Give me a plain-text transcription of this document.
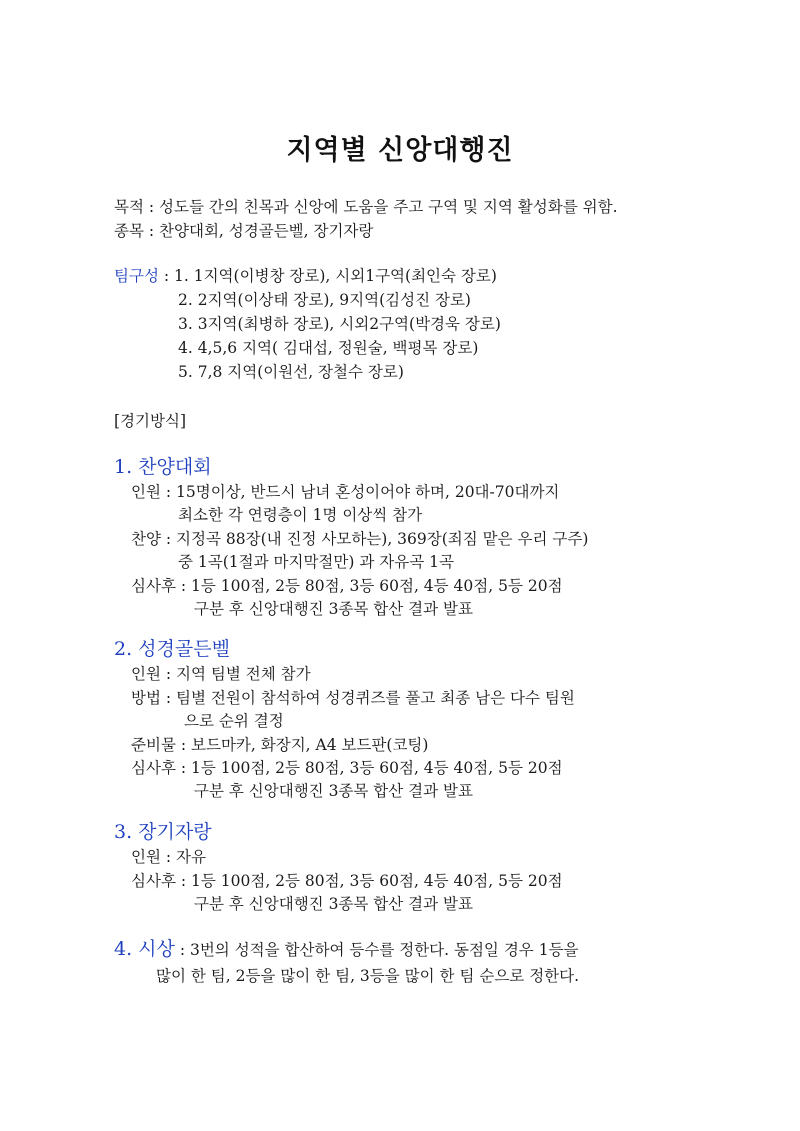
지역별 신앙대행진
목적 : 성도들 간의 친목과 신앙에 도움을 주고 구역 및 지역 활성화를 위함.
종목 : 찬양대회, 성경골든벨, 장기자랑
팀구성 : 1. 1지역(이병창 장로), 시외1구역(최인숙 장로)
2. 2지역(이상태 장로), 9지역(김성진 장로)
3. 3지역(최병하 장로), 시외2구역(박경욱 장로)
4. 4,5,6 지역( 김대섭, 정원술, 백평목 장로)
5. 7,8 지역(이원선, 장철수 장로)
[경기방식]
1. 찬양대회
인원 : 15명이상, 반드시 남녀 혼성이어야 하며, 20대-70대까지
최소한 각 연령층이 1명 이상씩 참가
찬양 : 지정곡 88장(내 진정 사모하는), 369장(죄짐 맡은 우리 구주)
중 1곡(1절과 마지막절만) 과 자유곡 1곡
심사후 : 1등 100점, 2등 80점, 3등 60점, 4등 40점, 5등 20점
구분 후 신앙대행진 3종목 합산 결과 발표
2. 성경골든벨
인원 : 지역 팀별 전체 참가
방법 : 팀별 전원이 참석하여 성경퀴즈를 풀고 최종 남은 다수 팀원
으로 순위 결정
준비물 : 보드마카, 화장지, A4 보드판(코팅)
심사후 : 1등 100점, 2등 80점, 3등 60점, 4등 40점, 5등 20점
구분 후 신앙대행진 3종목 합산 결과 발표
3. 장기자랑
인원 : 자유
심사후 : 1등 100점, 2등 80점, 3등 60점, 4등 40점, 5등 20점
구분 후 신앙대행진 3종목 합산 결과 발표
4. 시상 : 3번의 성적을 합산하여 등수를 정한다. 동점일 경우 1등을
많이 한 팀, 2등을 많이 한 팀, 3등을 많이 한 팀 순으로 정한다.
